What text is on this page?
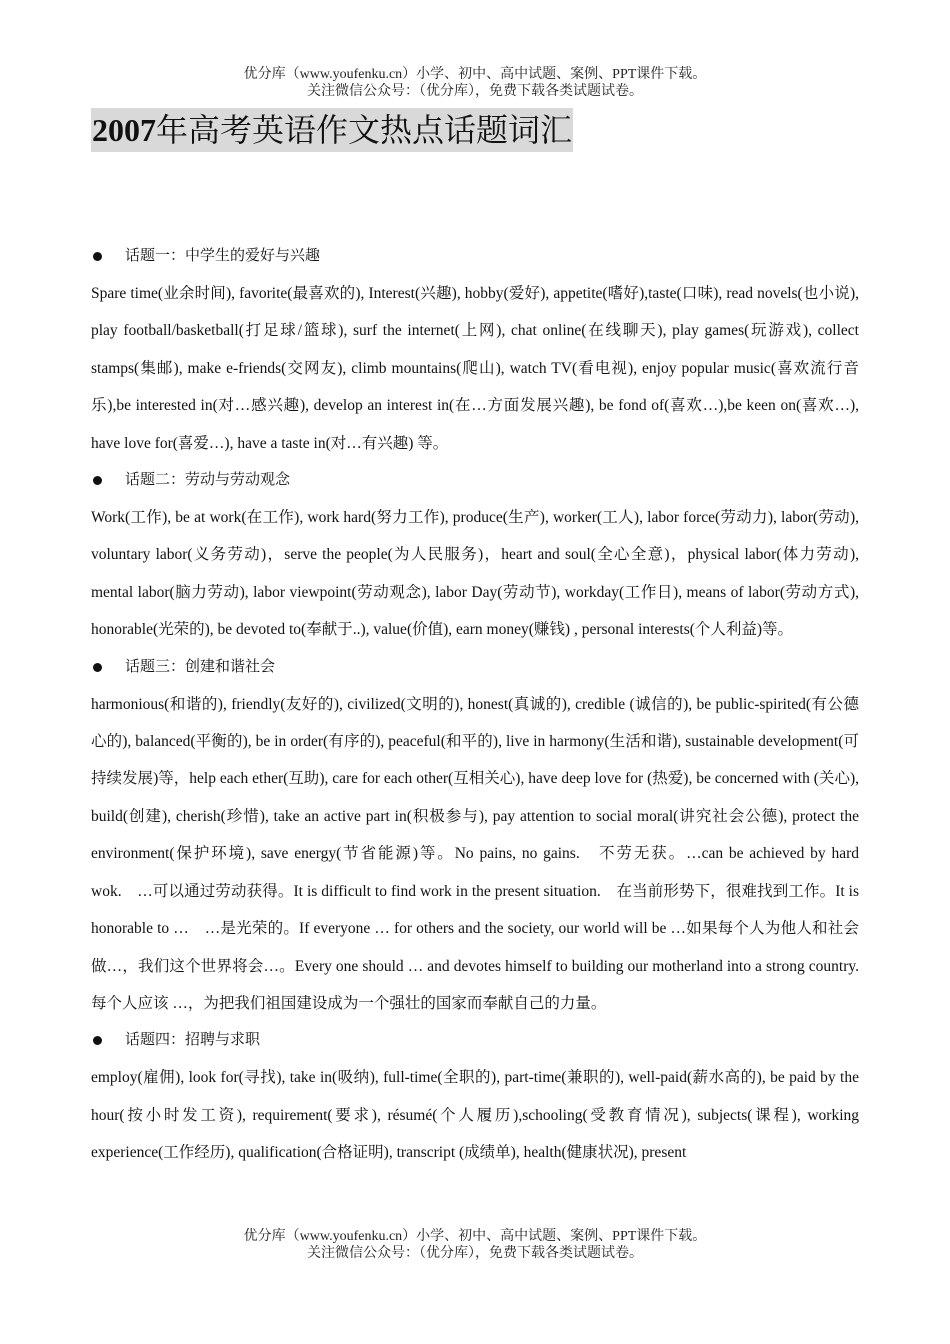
优分库（www.youfenku.cn）小学、初中、高中试题、案例、PPT课件下载。
关注微信公众号：（优分库），免费下载各类试题试卷。
2007年高考英语作文热点话题词汇
话题一：中学生的爱好与兴趣

Spare time(业余时间), favorite(最喜欢的), Interest(兴趣), hobby(爱好), appetite(嗜好),taste(口味), read novels(也小说), play football/basketball(打足球/篮球), surf the internet(上网), chat online(在线聊天), play games(玩游戏), collect stamps(集邮), make e-friends(交网友), climb mountains(爬山), watch TV(看电视), enjoy popular music(喜欢流行音乐),be interested in(对…感兴趣), develop an interest in(在…方面发展兴趣), be fond of(喜欢…),be keen on(喜欢…), have love for(喜爱…), have a taste in(对…有兴趣) 等。

话题二：劳动与劳动观念

Work(工作), be at work(在工作), work hard(努力工作), produce(生产), worker(工人), labor force(劳动力), labor(劳动), voluntary labor(义务劳动)，serve the people(为人民服务)，heart and soul(全心全意)，physical labor(体力劳动), mental labor(脑力劳动), labor viewpoint(劳动观念), labor Day(劳动节), workday(工作日), means of labor(劳动方式), honorable(光荣的), be devoted to(奉献于..), value(价值), earn money(赚钱) , personal interests(个人利益)等。

话题三：创建和谐社会

harmonious(和谐的), friendly(友好的), civilized(文明的), honest(真诚的), credible (诚信的), be public-spirited(有公德心的), balanced(平衡的), be in order(有序的), peaceful(和平的), live in harmony(生活和谐), sustainable development(可持续发展)等，help each ether(互助), care for each other(互相关心), have deep love for (热爱), be concerned with (关心), build(创建), cherish(珍惜), take an active part in(积极参与), pay attention to social moral(讲究社会公德), protect the environment(保护环境), save energy(节省能源)等。No pains, no gains.　不劳无获。…can be achieved by hard wok.　…可以通过劳动获得。It is difficult to find work in the present situation.　在当前形势下，很难找到工作。It is honorable to …　…是光荣的。If everyone … for others and the society, our world will be …如果每个人为他人和社会做…，我们这个世界将会…。Every one should … and devotes himself to building our motherland into a strong country.每个人应该 …，为把我们祖国建设成为一个强壮的国家而奉献自己的力量。

话题四：招聘与求职

employ(雇佣), look for(寻找), take in(吸纳), full-time(全职的), part-time(兼职的), well-paid(薪水高的), be paid by the hour(按小时发工资), requirement(要求), résumé(个人履历),schooling(受教育情况), subjects(课程), working experience(工作经历), qualification(合格证明), transcript (成绩单), health(健康状况), present

优分库（www.youfenku.cn）小学、初中、高中试题、案例、PPT课件下载。
关注微信公众号：（优分库），免费下载各类试题试卷。
